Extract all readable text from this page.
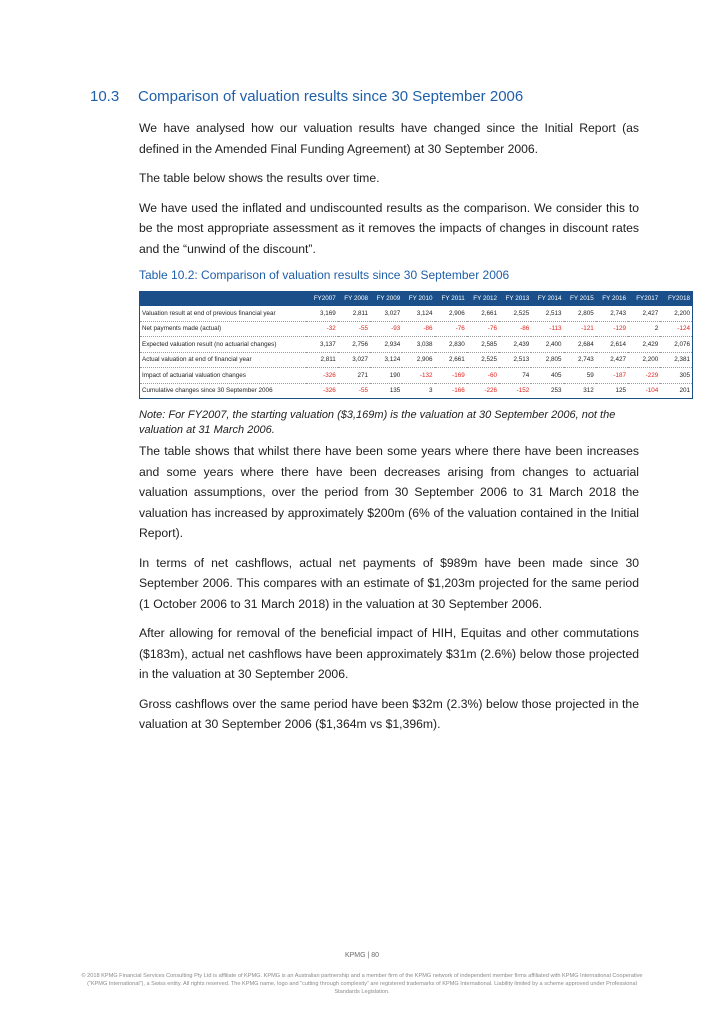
10.3 Comparison of valuation results since 30 September 2006

We have analysed how our valuation results have changed since the Initial Report (as defined in the Amended Final Funding Agreement) at 30 September 2006.

The table below shows the results over time.

We have used the inflated and undiscounted results as the comparison. We consider this to be the most appropriate assessment as it removes the impacts of changes in discount rates and the “unwind of the discount”.

Table 10.2: Comparison of valuation results since 30 September 2006
	FY2007	FY 2008	FY 2009	FY 2010	FY 2011	FY 2012	FY 2013	FY 2014	FY 2015	FY 2016	FY2017	FY2018
Valuation result at end of previous financial year	3,169	2,811	3,027	3,124	2,906	2,661	2,525	2,513	2,805	2,743	2,427	2,200
Net payments made (actual)	-32	-55	-93	-86	-76	-76	-86	-113	-121	-129	2	-124
Expected valuation result (no actuarial changes)	3,137	2,756	2,934	3,038	2,830	2,585	2,439	2,400	2,684	2,614	2,429	2,076
Actual valuation at end of financial year	2,811	3,027	3,124	2,906	2,661	2,525	2,513	2,805	2,743	2,427	2,200	2,381
Impact of actuarial valuation changes	-326	271	190	-132	-169	-60	74	405	59	-187	-229	305
Cumulative changes since 30 September 2006	-326	-55	135	3	-166	-226	-152	253	312	125	-104	201
Note: For FY2007, the starting valuation ($3,169m) is the valuation at 30 September 2006, not the valuation at 31 March 2006.

The table shows that whilst there have been some years where there have been increases and some years where there have been decreases arising from changes to actuarial valuation assumptions, over the period from 30 September 2006 to 31 March 2018 the valuation has increased by approximately $200m (6% of the valuation contained in the Initial Report).

In terms of net cashflows, actual net payments of $989m have been made since 30 September 2006. This compares with an estimate of $1,203m projected for the same period (1 October 2006 to 31 March 2018) in the valuation at 30 September 2006.

After allowing for removal of the beneficial impact of HIH, Equitas and other commutations ($183m), actual net cashflows have been approximately $31m (2.6%) below those projected in the valuation at 30 September 2006.

Gross cashflows over the same period have been $32m (2.3%) below those projected in the valuation at 30 September 2006 ($1,364m vs $1,396m).

KPMG | 80
© 2018 KPMG Financial Services Consulting Pty Ltd is affiliate of KPMG. KPMG is an Australian partnership and a member firm of the KPMG network of independent member firms affiliated with KPMG International Cooperative (“KPMG International”), a Swiss entity. All rights reserved. The KPMG name, logo and “cutting through complexity” are registered trademarks of KPMG International. Liability limited by a scheme approved under Professional Standards Legislation.
